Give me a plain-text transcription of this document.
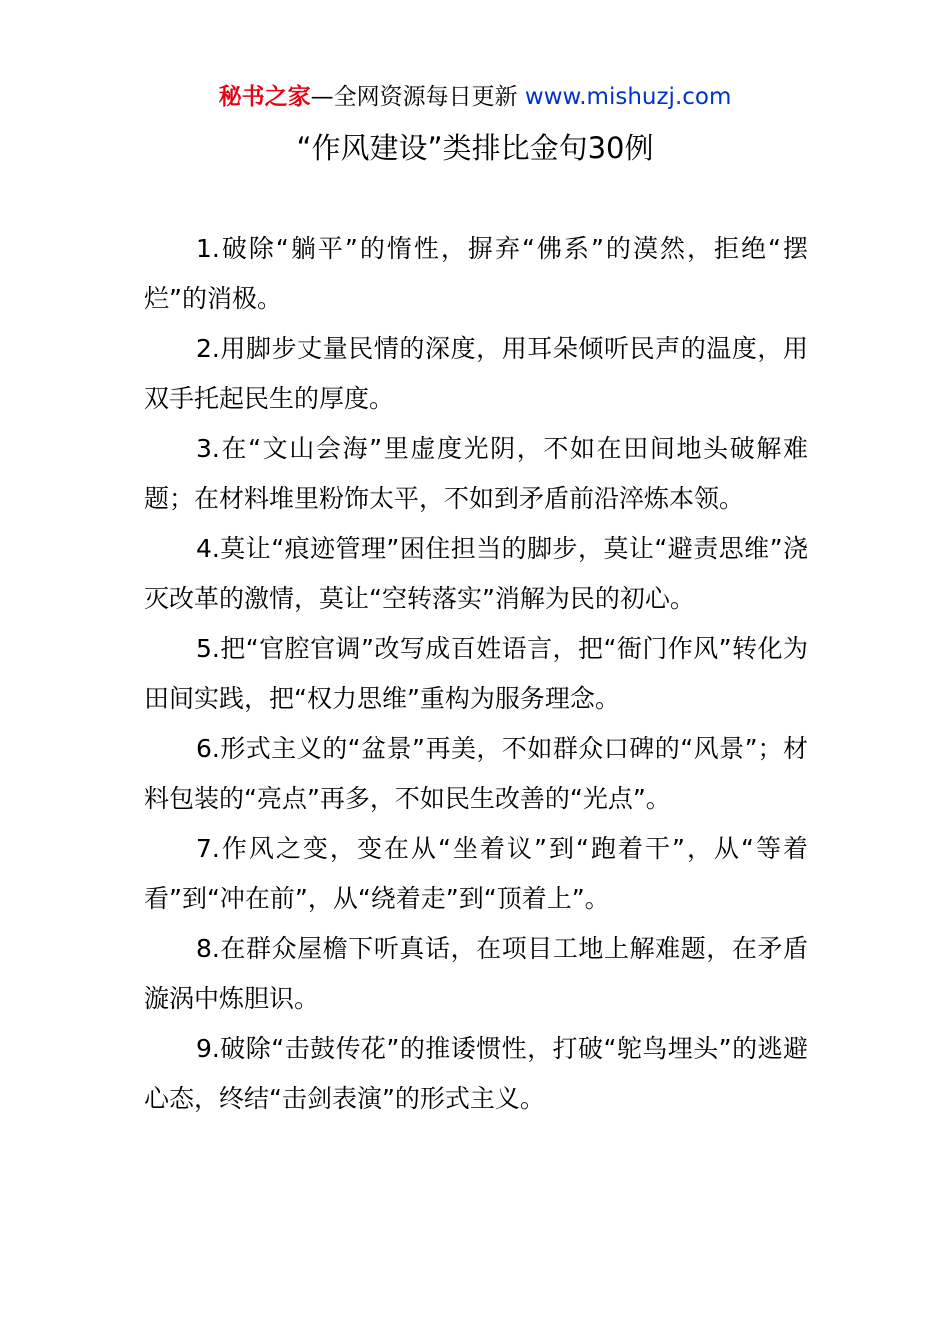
秘书之家—全网资源每日更新 www.mishuzj.com
“作风建设”类排比金句30例

1.破除“躺平”的惰性，摒弃“佛系”的漠然，拒绝“摆烂”的消极。

2.用脚步丈量民情的深度，用耳朵倾听民声的温度，用双手托起民生的厚度。

3.在“文山会海”里虚度光阴，不如在田间地头破解难题；在材料堆里粉饰太平，不如到矛盾前沿淬炼本领。

4.莫让“痕迹管理”困住担当的脚步，莫让“避责思维”浇灭改革的激情，莫让“空转落实”消解为民的初心。

5.把“官腔官调”改写成百姓语言，把“衙门作风”转化为田间实践，把“权力思维”重构为服务理念。

6.形式主义的“盆景”再美，不如群众口碑的“风景”；材料包装的“亮点”再多，不如民生改善的“光点”。

7.作风之变，变在从“坐着议”到“跑着干”，从“等着看”到“冲在前”，从“绕着走”到“顶着上”。

8.在群众屋檐下听真话，在项目工地上解难题，在矛盾漩涡中炼胆识。

9.破除“击鼓传花”的推诿惯性，打破“鸵鸟埋头”的逃避心态，终结“击剑表演”的形式主义。
